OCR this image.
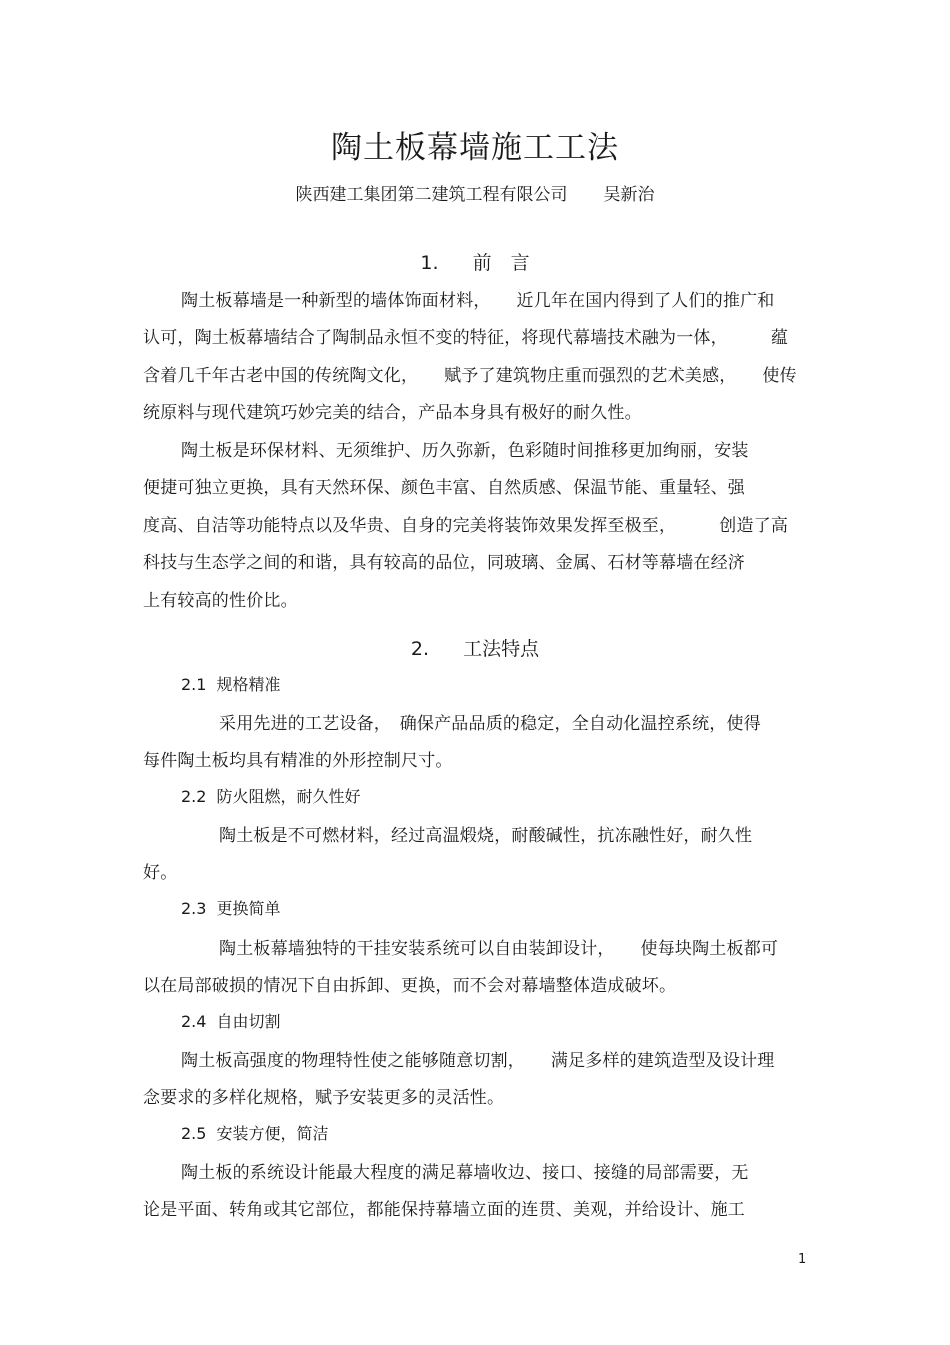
陶土板幕墙施工工法
陕西建工集团第二建筑工程有限公司 吴新治
1. 前　言
陶土板幕墙是一种新型的墙体饰面材料，　　近几年在国内得到了人们的推广和
认可，陶土板幕墙结合了陶制品永恒不变的特征，将现代幕墙技术融为一体，　　　蕴
含着几千年古老中国的传统陶文化，　　赋予了建筑物庄重而强烈的艺术美感，　　使传
统原料与现代建筑巧妙完美的结合，产品本身具有极好的耐久性。
陶土板是环保材料、无须维护、历久弥新，色彩随时间推移更加绚丽，安装
便捷可独立更换，具有天然环保、颜色丰富、自然质感、保温节能、重量轻、强
度高、自洁等功能特点以及华贵、自身的完美将装饰效果发挥至极至，　　　创造了高
科技与生态学之间的和谐，具有较高的品位，同玻璃、金属、石材等幕墙在经济
上有较高的性价比。
2. 工法特点
2.1 规格精准
采用先进的工艺设备，　确保产品品质的稳定，全自动化温控系统，使得
每件陶土板均具有精准的外形控制尺寸。
2.2 防火阻燃，耐久性好
陶土板是不可燃材料，经过高温煅烧，耐酸碱性，抗冻融性好，耐久性
好。
2.3 更换简单
陶土板幕墙独特的干挂安装系统可以自由装卸设计，　　使每块陶土板都可
以在局部破损的情况下自由拆卸、更换，而不会对幕墙整体造成破坏。
2.4 自由切割
陶土板高强度的物理特性使之能够随意切割，　　满足多样的建筑造型及设计理
念要求的多样化规格，赋予安装更多的灵活性。
2.5 安装方便，简洁
陶土板的系统设计能最大程度的满足幕墙收边、接口、接缝的局部需要，无
论是平面、转角或其它部位，都能保持幕墙立面的连贯、美观，并给设计、施工
1
